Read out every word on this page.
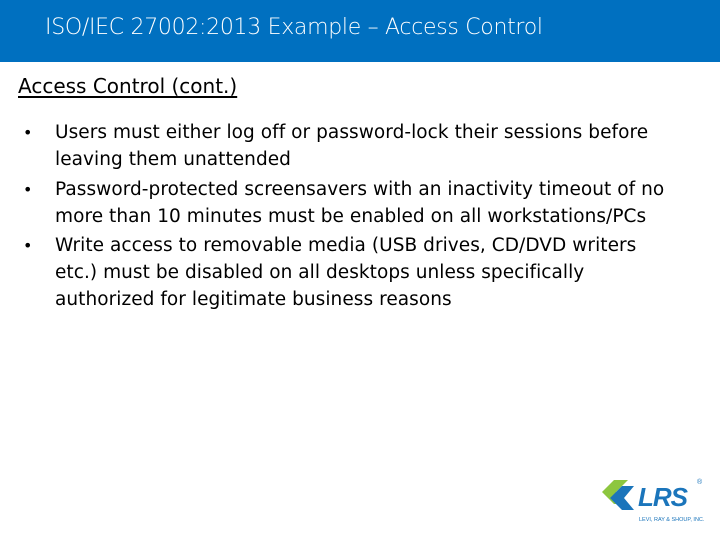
ISO/IEC 27002:2013 Example – Access Control
Access Control (cont.)
• Users must either log off or password-lock their sessions before leaving them unattended
• Password-protected screensavers with an inactivity timeout of no more than 10 minutes must be enabled on all workstations/PCs
• Write access to removable media (USB drives, CD/DVD writers etc.) must be disabled on all desktops unless specifically authorized for legitimate business reasons
LRS ®
LEVI, RAY & SHOUP, INC.
